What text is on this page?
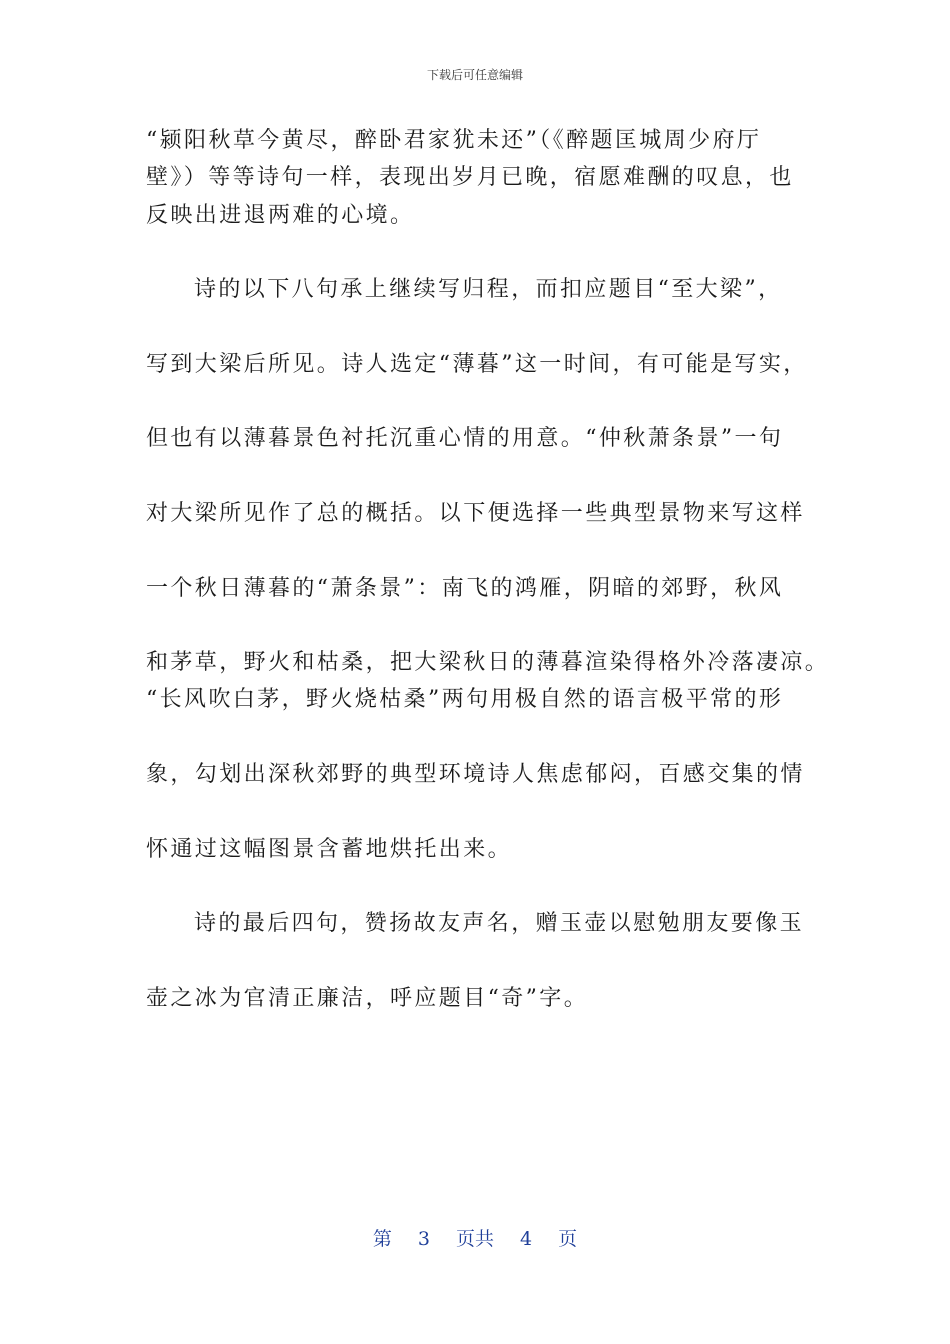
下载后可任意编辑
“颍阳秋草今黄尽，醉卧君家犹未还”（《醉题匡城周少府厅
壁》）等等诗句一样，表现出岁月已晚，宿愿难酬的叹息，也
反映出进退两难的心境。
诗的以下八句承上继续写归程，而扣应题目“至大梁”，
写到大梁后所见。诗人选定“薄暮”这一时间，有可能是写实，
但也有以薄暮景色衬托沉重心情的用意。“仲秋萧条景”一句
对大梁所见作了总的概括。以下便选择一些典型景物来写这样
一个秋日薄暮的“萧条景”：南飞的鸿雁，阴暗的郊野，秋风
和茅草，野火和枯桑，把大梁秋日的薄暮渲染得格外冷落凄凉。
“长风吹白茅，野火烧枯桑”两句用极自然的语言极平常的形
象，勾划出深秋郊野的典型环境诗人焦虑郁闷，百感交集的情
怀通过这幅图景含蓄地烘托出来。
诗的最后四句，赞扬故友声名，赠玉壶以慰勉朋友要像玉
壶之冰为官清正廉洁，呼应题目“奇”字。
第 3 页共 4 页
